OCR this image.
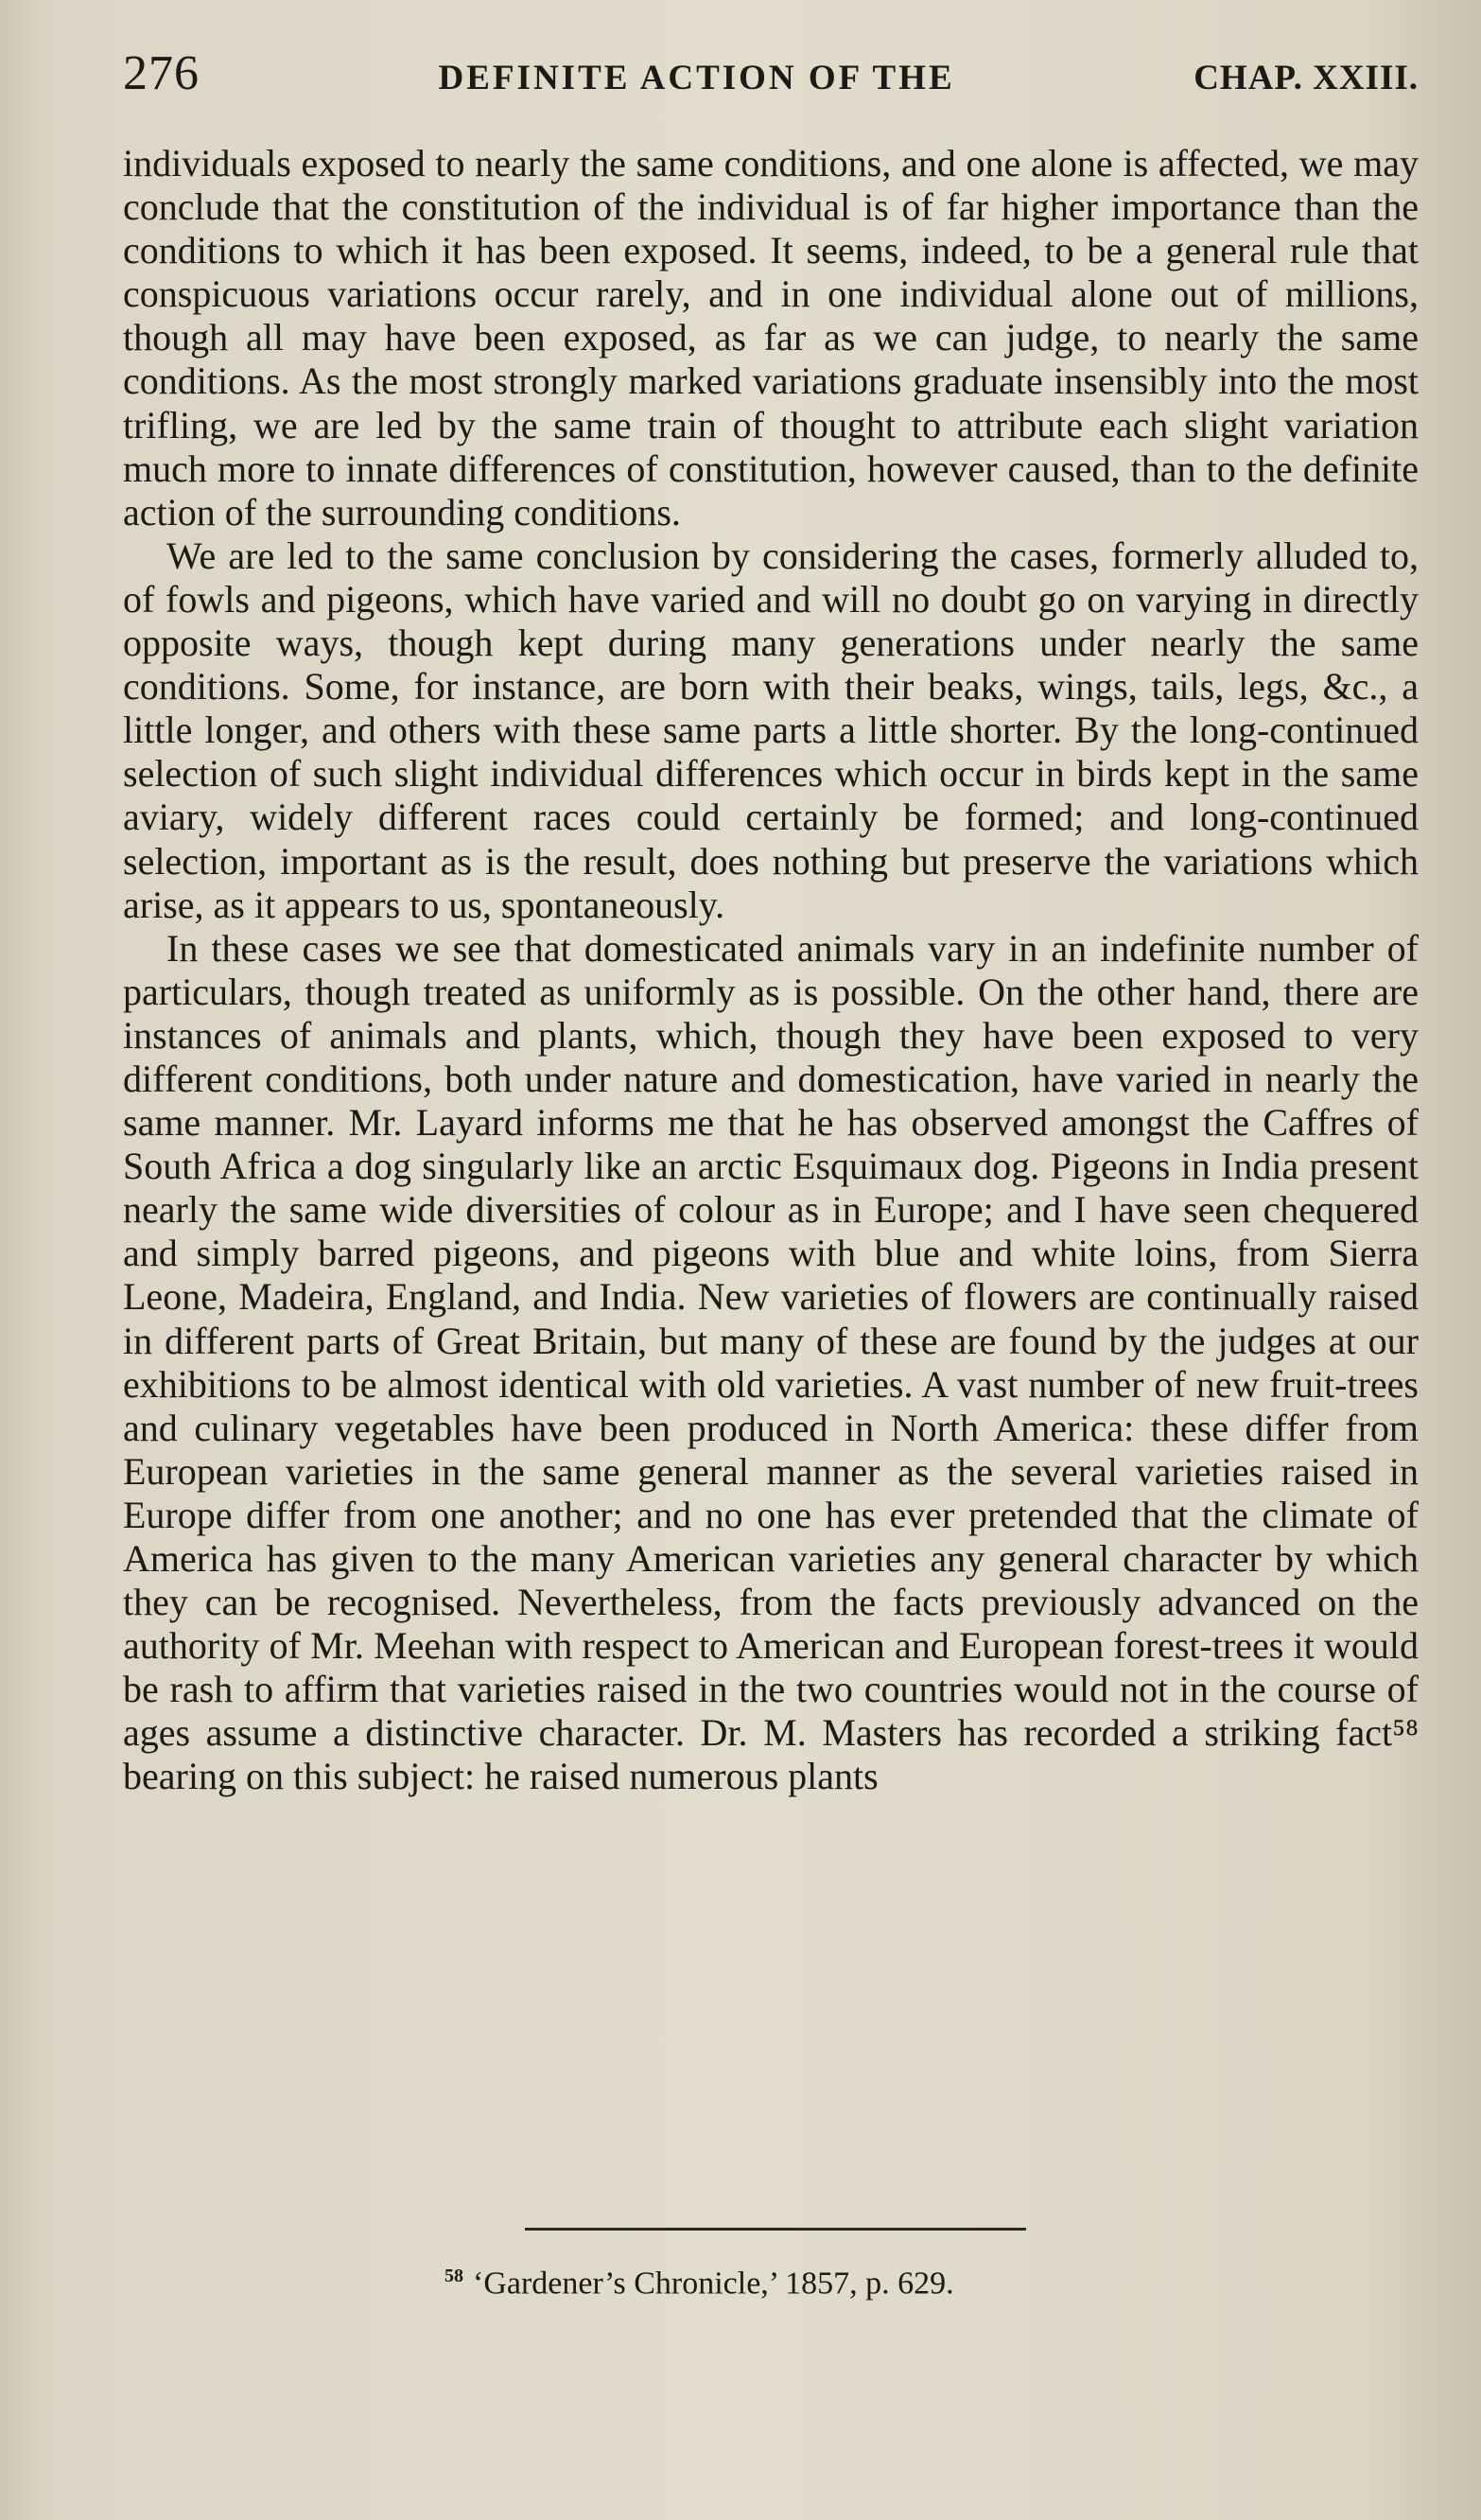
276	DEFINITE ACTION OF THE	CHAP. XXIII.

individuals exposed to nearly the same conditions, and one alone is affected, we may conclude that the constitution of the individual is of far higher importance than the conditions to which it has been exposed. It seems, indeed, to be a general rule that conspicuous variations occur rarely, and in one individual alone out of millions, though all may have been exposed, as far as we can judge, to nearly the same conditions. As the most strongly marked variations graduate insensibly into the most trifling, we are led by the same train of thought to attribute each slight variation much more to innate differences of constitution, however caused, than to the definite action of the surrounding conditions.

We are led to the same conclusion by considering the cases, formerly alluded to, of fowls and pigeons, which have varied and will no doubt go on varying in directly opposite ways, though kept during many generations under nearly the same conditions. Some, for instance, are born with their beaks, wings, tails, legs, &c., a little longer, and others with these same parts a little shorter. By the long-continued selection of such slight individual differences which occur in birds kept in the same aviary, widely different races could certainly be formed; and long-continued selection, important as is the result, does nothing but preserve the variations which arise, as it appears to us, spontaneously.

In these cases we see that domesticated animals vary in an indefinite number of particulars, though treated as uniformly as is possible. On the other hand, there are instances of animals and plants, which, though they have been exposed to very different conditions, both under nature and domestication, have varied in nearly the same manner. Mr. Layard informs me that he has observed amongst the Caffres of South Africa a dog singularly like an arctic Esquimaux dog. Pigeons in India present nearly the same wide diversities of colour as in Europe; and I have seen chequered and simply barred pigeons, and pigeons with blue and white loins, from Sierra Leone, Madeira, England, and India. New varieties of flowers are continually raised in different parts of Great Britain, but many of these are found by the judges at our exhibitions to be almost identical with old varieties. A vast number of new fruit-trees and culinary vegetables have been produced in North America: these differ from European varieties in the same general manner as the several varieties raised in Europe differ from one another; and no one has ever pretended that the climate of America has given to the many American varieties any general character by which they can be recognised. Nevertheless, from the facts previously advanced on the authority of Mr. Meehan with respect to American and European forest-trees it would be rash to affirm that varieties raised in the two countries would not in the course of ages assume a distinctive character. Dr. M. Masters has recorded a striking fact⁵⁸ bearing on this subject: he raised numerous plants

$^{58}$ ‘Gardener’s Chronicle,’ 1857, p. 629.
